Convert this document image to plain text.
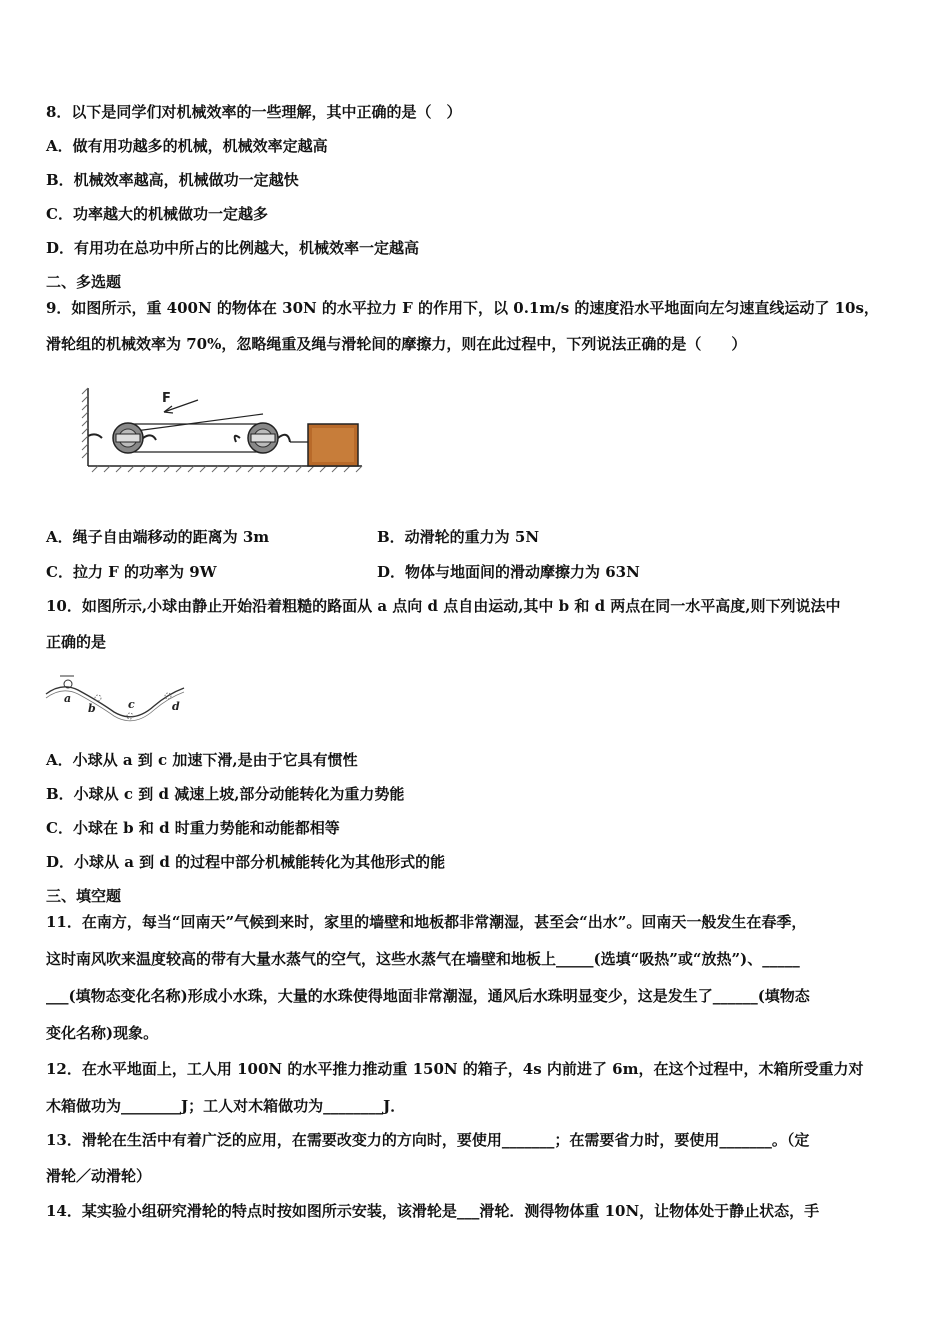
8．以下是同学们对机械效率的一些理解，其中正确的是（　）
A．做有用功越多的机械，机械效率定越高
B．机械效率越高，机械做功一定越快
C．功率越大的机械做功一定越多
D．有用功在总功中所占的比例越大，机械效率一定越高
二、多选题
9．如图所示，重 400N 的物体在 30N 的水平拉力 F 的作用下，以 0.1m/s 的速度沿水平地面向左匀速直线运动了 10s，
滑轮组的机械效率为 70%，忽略绳重及绳与滑轮间的摩擦力，则在此过程中，下列说法正确的是（　　）
F
A．绳子自由端移动的距离为 3m	B．动滑轮的重力为 5N
C．拉力 F 的功率为 9W	D．物体与地面间的滑动摩擦力为 63N
10．如图所示,小球由静止开始沿着粗糙的路面从 a 点向 d 点自由运动,其中 b 和 d 两点在同一水平高度,则下列说法中
正确的是
a
b	c	d
A．小球从 a 到 c 加速下滑,是由于它具有惯性
B．小球从 c 到 d 减速上坡,部分动能转化为重力势能
C．小球在 b 和 d 时重力势能和动能都相等
D．小球从 a 到 d 的过程中部分机械能转化为其他形式的能
三、填空题
11．在南方，每当“回南天”气候到来时，家里的墙壁和地板都非常潮湿，甚至会“出水”。回南天一般发生在春季，
这时南风吹来温度较高的带有大量水蒸气的空气，这些水蒸气在墙壁和地板上_____(选填“吸热”或“放热”)、_____
___(填物态变化名称)形成小水珠，大量的水珠使得地面非常潮湿，通风后水珠明显变少，这是发生了______(填物态
变化名称)现象。
12．在水平地面上，工人用 100N 的水平推力推动重 150N 的箱子，4s 内前进了 6m，在这个过程中，木箱所受重力对
木箱做功为________J；工人对木箱做功为________J．
13．滑轮在生活中有着广泛的应用，在需要改变力的方向时，要使用_______；在需要省力时，要使用_______。（定
滑轮／动滑轮）
14．某实验小组研究滑轮的特点时按如图所示安装，该滑轮是___滑轮．测得物体重 10N，让物体处于静止状态，手
